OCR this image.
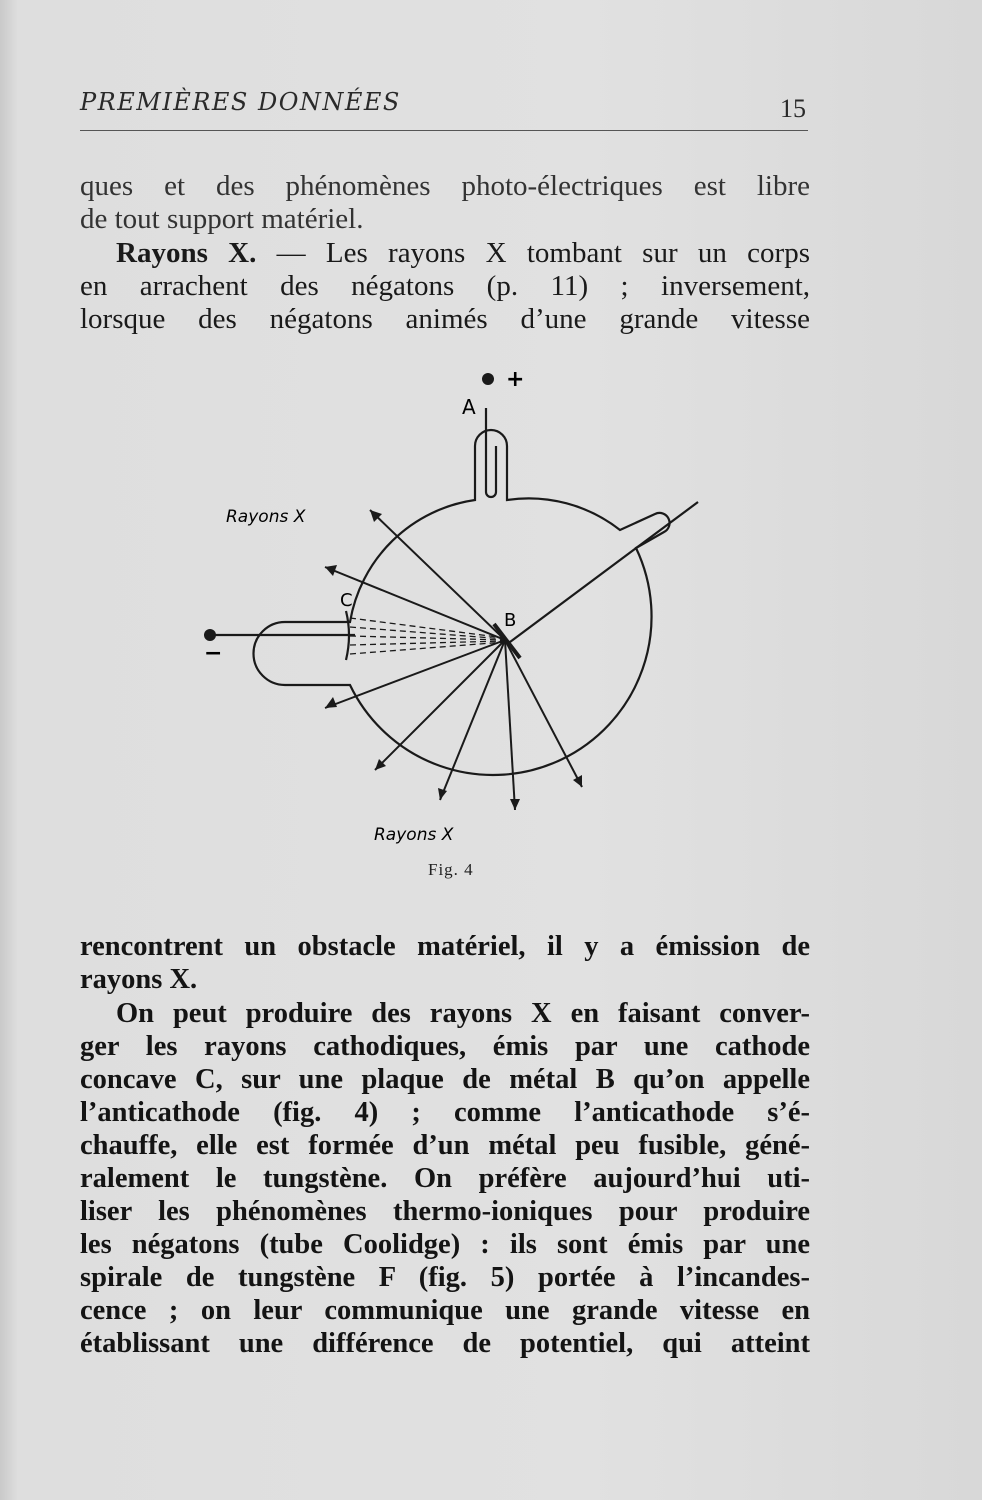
PREMIÈRES DONNÉES	15
ques et des phénomènes photo-électriques est libre
de tout support matériel.
Rayons X. — Les rayons X tombant sur un corps
en arrachent des négatons (p. 11) ; inversement,
lorsque des négatons animés d’une grande vitesse
A
+
−
C
B
Rayons X
Rayons X
Fig. 4
rencontrent un obstacle matériel, il y a émission de
rayons X.
On peut produire des rayons X en faisant conver-
ger les rayons cathodiques, émis par une cathode
concave C, sur une plaque de métal B qu’on appelle
l’anticathode (fig. 4) ; comme l’anticathode s’é-
chauffe, elle est formée d’un métal peu fusible, géné-
ralement le tungstène. On préfère aujourd’hui uti-
liser les phénomènes thermo-ioniques pour produire
les négatons (tube Coolidge) : ils sont émis par une
spirale de tungstène F (fig. 5) portée à l’incandes-
cence ; on leur communique une grande vitesse en
établissant une différence de potentiel, qui atteint
